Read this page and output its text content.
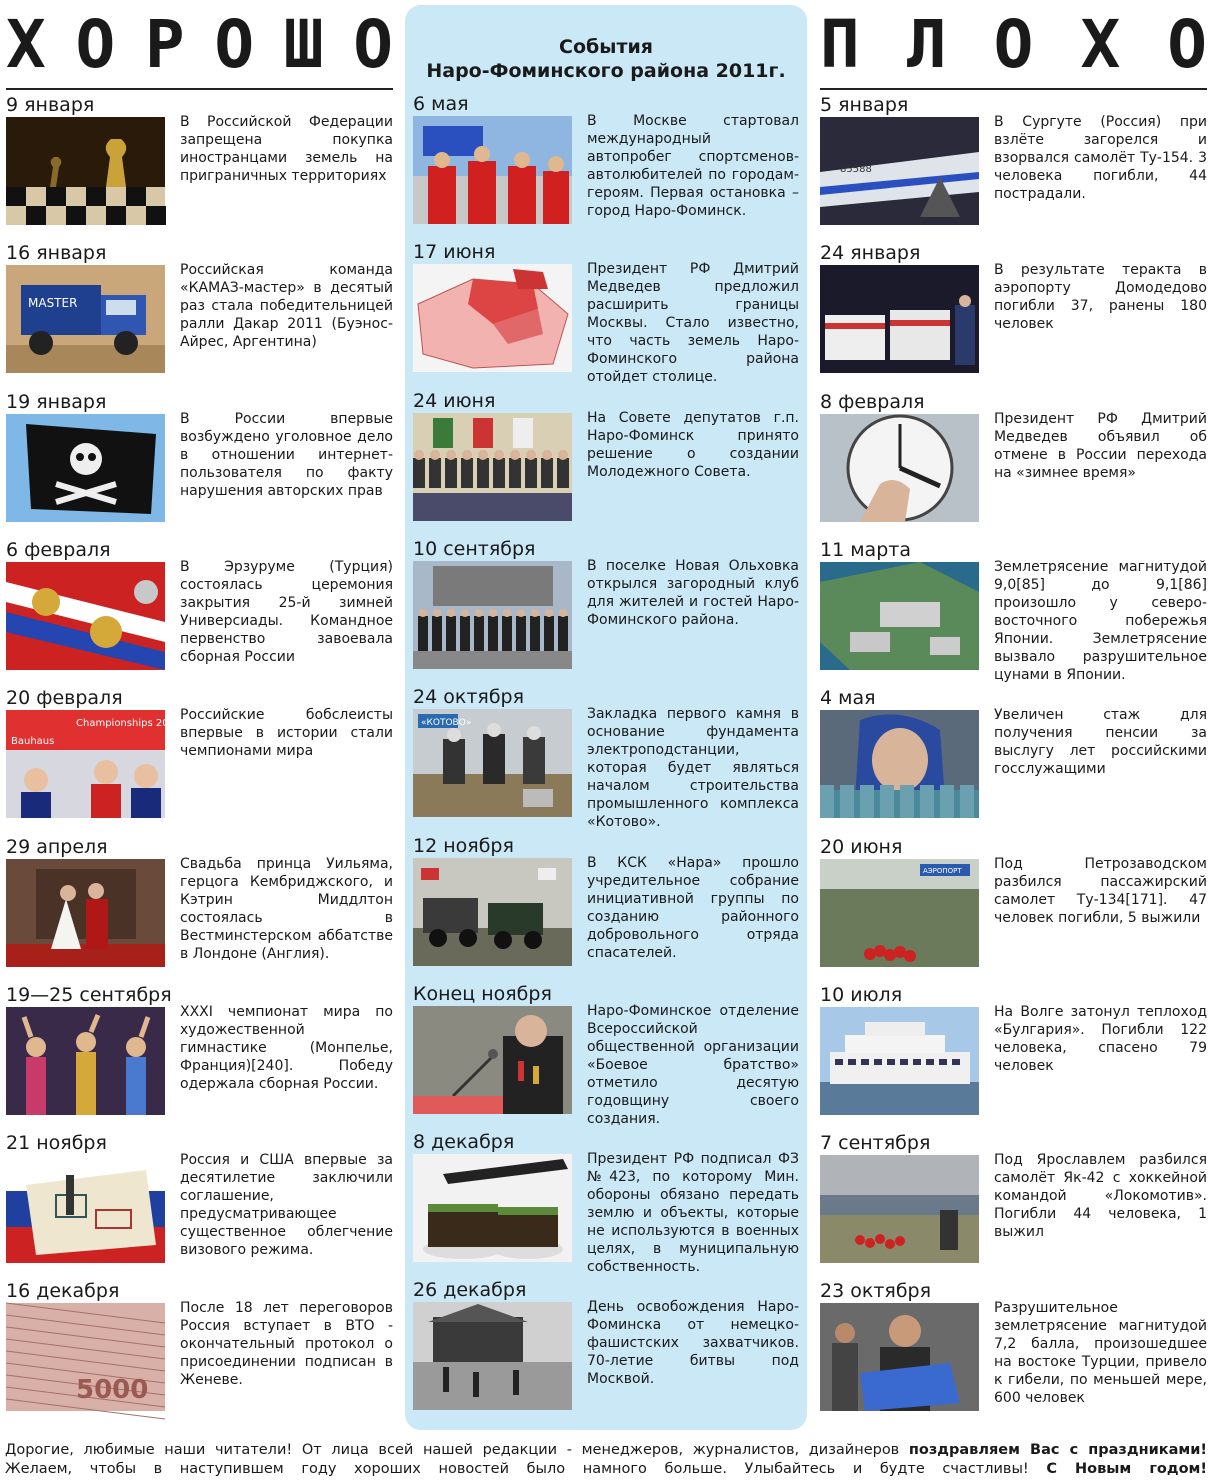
Х О Р О Ш О
9 января
В Российской Федерации запрещена покупка иностранцами земель на приграничных территориях
16 января
MASTER
Российская команда «КАМАЗ-мастер» в десятый раз стала победительницей ралли Дакар 2011 (Буэнос-Айрес, Аргентина)
19 января
В России впервые возбуждено уголовное дело в отношении интернет-пользователя по факту нарушения авторских прав
6 февраля
В Эрзуруме (Турция) состоялась церемония закрытия 25-й зимней Универсиады. Командное первенство завоевала сборная России
20 февраля
Championships 2011
Bauhaus
Российские бобслеисты впервые в истории стали чемпионами мира
29 апреля
Свадьба принца Уильяма, герцога Кембриджского, и Кэтрин Миддлтон состоялась в Вестминстерском аббатстве в Лондоне (Англия).
19—25 сентября
XXXI чемпионат мира по художественной гимнастике (Монпелье, Франция)[240]. Победу одержала сборная России.
21 ноября
Россия и США впервые за десятилетие заключили соглашение, предусматривающее существенное облегчение визового режима.
16 декабря
5000
После 18 лет переговоров Россия вступает в ВТО - окончательный протокол о присоединении подписан в Женеве.
События
Наро-Фоминского района 2011г.
6 мая
В Москве стартовал международный автопробег спортсменов-автолюбителей по городам-героям. Первая остановка – город Наро-Фоминск.
17 июня
Президент РФ Дмитрий Медведев предложил расширить границы Москвы. Стало известно, что часть земель Наро-Фоминского района отойдет столице.
24 июня
На Совете депутатов г.п. Наро-Фоминск принято решение о создании Молодежного Совета.
10 сентября
В поселке Новая Ольховка открылся загородный клуб для жителей и гостей Наро-Фоминского района.
24 октября
«КОТОВО»
Закладка первого камня в основание фундамента электроподстанции, которая будет являться началом строительства промышленного комплекса «Котово».
12 ноября
В КСК «Нара» прошло учредительное собрание инициативной группы по созданию районного добровольного отряда спасателей.
Конец ноября
Наро-Фоминское отделение Всероссийской общественной организации «Боевое братство» отметило десятую годовщину своего создания.
8 декабря
Президент РФ подписал ФЗ №423, по которому Мин. обороны обязано передать землю и объекты, которые не используются в военных целях, в муниципальную собственность.
26 декабря
День освобождения Наро-Фоминска от немецко-фашистских захватчиков. 70-летие битвы под Москвой.
П Л О Х О
5 января
85588
В Сургуте (Россия) при взлёте загорелся и взорвался самолёт Ту-154. 3 человека погибли, 44 пострадали.
24 января
В результате теракта в аэропорту Домодедово погибли 37, ранены 180 человек
8 февраля
Президент РФ Дмитрий Медведев объявил об отмене в России перехода на «зимнее время»
11 марта
Землетрясение магнитудой 9,0[85] до 9,1[86] произошло у северо-восточного побережья Японии. Землетрясение вызвало разрушительное цунами в Японии.
4 мая
Увеличен стаж для получения пенсии за выслугу лет российскими госслужащими
20 июня
АЭРОПОРТ Под Петрозаводском разбился пассажирский самолет Ту-134[171]. 47 человек погибли, 5 выжили
10 июля
На Волге затонул теплоход «Булгария». Погибли 122 человека, спасено 79 человек
7 сентября
Под Ярославлем разбился самолёт Як-42 с хоккейной командой «Локомотив». Погибли 44 человека, 1 выжил
23 октября
Разрушительное землетрясение магнитудой 7,2 балла, произошедшее на востоке Турции, привело к гибели, по меньшей мере, 600 человек
Дорогие, любимые наши читатели! От лица всей нашей редакции - менеджеров, журналистов, дизайнеров поздравляем Вас с праздниками!
Желаем, чтобы в наступившем году хороших новостей было намного больше. Улыбайтесь и будте счастливы! С Новым годом!
